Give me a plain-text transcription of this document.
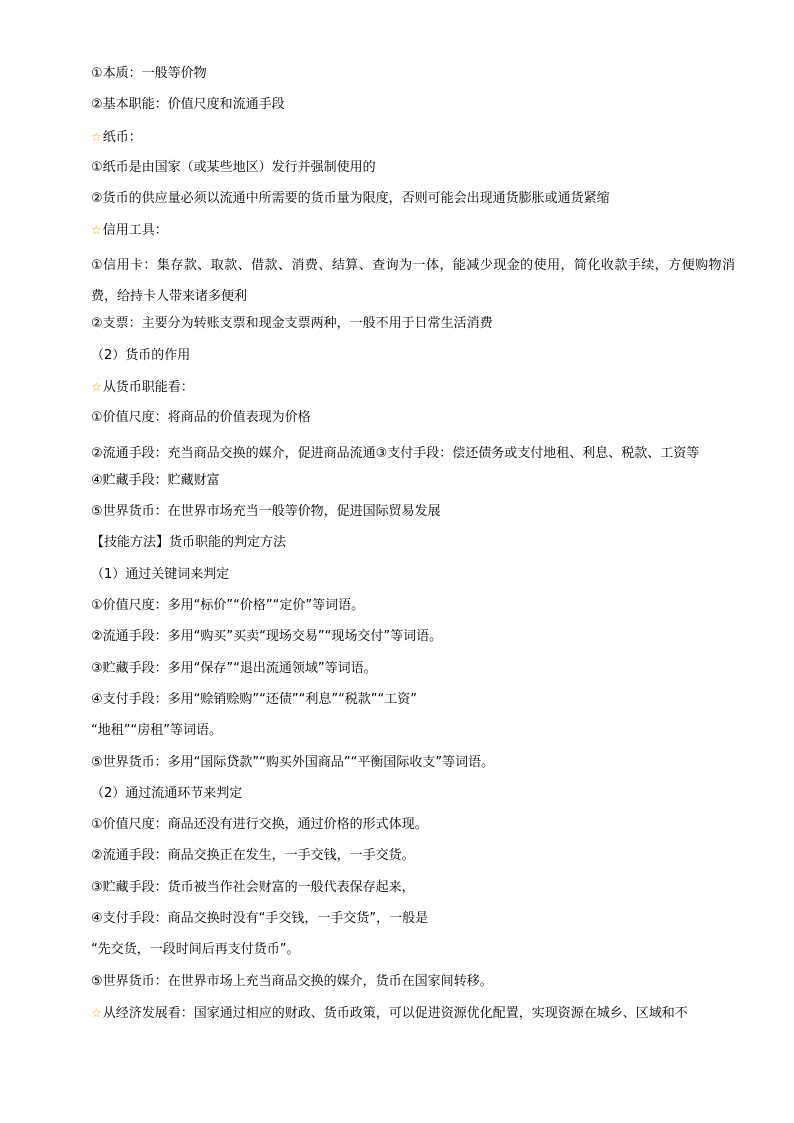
①本质：一般等价物
②基本职能：价值尺度和流通手段
☆纸币：
①纸币是由国家（或某些地区）发行并强制使用的
②货币的供应量必须以流通中所需要的货币量为限度，否则可能会出现通货膨胀或通货紧缩
☆信用工具：
①信用卡：集存款、取款、借款、消费、结算、查询为一体，能减少现金的使用，简化收款手续，方便购物消费，给持卡人带来诸多便利
②支票：主要分为转账支票和现金支票两种，一般不用于日常生活消费
（2）货币的作用
☆从货币职能看：
①价值尺度：将商品的价值表现为价格
②流通手段：充当商品交换的媒介，促进商品流通③支付手段：偿还债务或支付地租、利息、税款、工资等
④贮藏手段：贮藏财富
⑤世界货币：在世界市场充当一般等价物，促进国际贸易发展
【技能方法】货币职能的判定方法
（1）通过关键词来判定
①价值尺度：多用“标价”“价格”“定价”等词语。
②流通手段：多用“购买”买卖“现场交易”“现场交付”等词语。
③贮藏手段：多用“保存”“退出流通领域”等词语。
④支付手段：多用“赊销赊购”“还债”“利息”“税款”“工资”
“地租”“房租”等词语。
⑤世界货币：多用“国际贷款”“购买外国商品”“平衡国际收支”等词语。
（2）通过流通环节来判定
①价值尺度：商品还没有进行交换，通过价格的形式体现。
②流通手段：商品交换正在发生，一手交钱，一手交货。
③贮藏手段：货币被当作社会财富的一般代表保存起来，
④支付手段：商品交换时没有“手交钱，一手交货”，一般是
“先交货，一段时间后再支付货币”。
⑤世界货币：在世界市场上充当商品交换的媒介，货币在国家间转移。
☆从经济发展看：国家通过相应的财政、货币政策，可以促进资源优化配置，实现资源在城乡、区域和不
